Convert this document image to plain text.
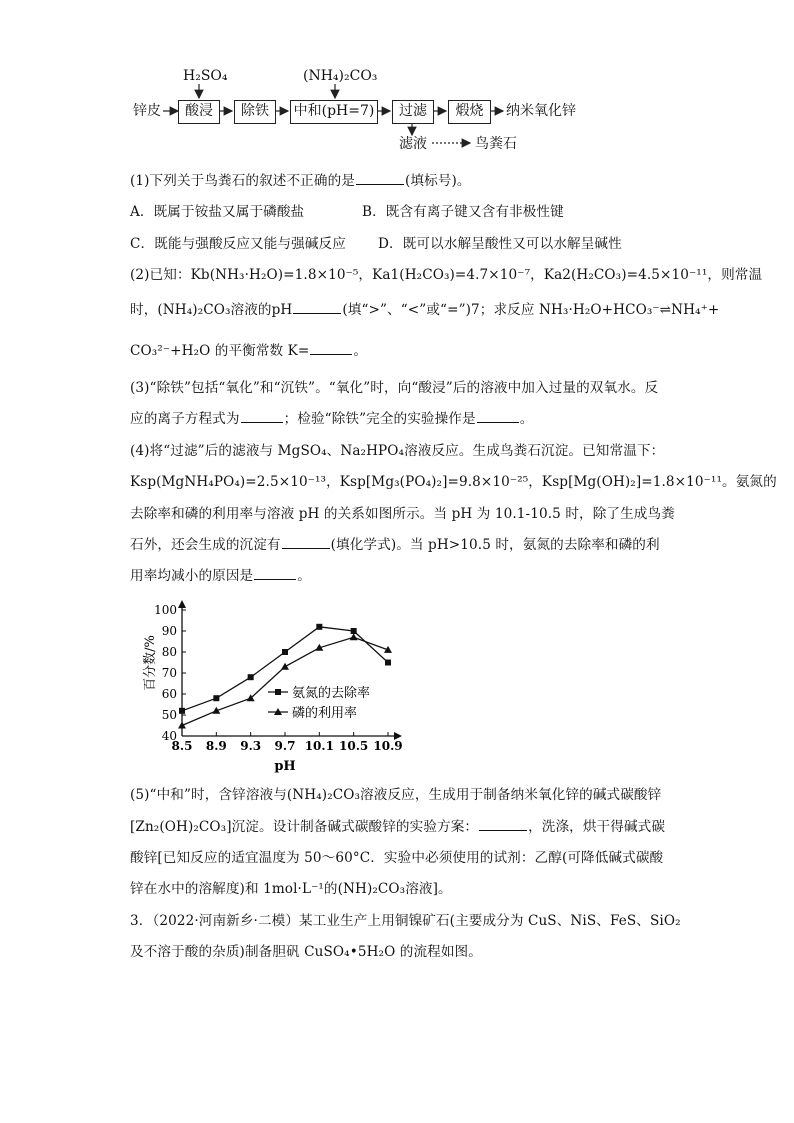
H₂SO₄	(NH₄)₂CO₃
锌皮	酸浸	除铁	中和(pH=7)	过滤	煅烧	纳米氧化锌
滤液	鸟粪石
(1)下列关于鸟粪石的叙述不正确的是	(填标号)。
A．既属于铵盐又属于磷酸盐	B．既含有离子键又含有非极性键
C．既能与强酸反应又能与强碱反应 D．既可以水解呈酸性又可以水解呈碱性
(2)已知：Kb(NH₃·H₂O)=1.8×10⁻⁵，Ka1(H₂CO₃)=4.7×10⁻⁷，Ka2(H₂CO₃)=4.5×10⁻¹¹，则常温
时，(NH₄)₂CO₃溶液的pH	(填“>”、“<”或“=”)7；求反应 NH₃·H₂O+HCO₃⁻⇌NH₄⁺+
CO₃²⁻+H₂O 的平衡常数 K=	。
(3)“除铁”包括“氧化”和“沉铁”。“氧化”时，向“酸浸”后的溶液中加入过量的双氧水。反
应的离子方程式为	；检验“除铁”完全的实验操作是	。
(4)将“过滤”后的滤液与 MgSO₄、Na₂HPO₄溶液反应。生成鸟粪石沉淀。已知常温下：
Ksp(MgNH₄PO₄)=2.5×10⁻¹³，Ksp[Mg₃(PO₄)₂]=9.8×10⁻²⁵，Ksp[Mg(OH)₂]=1.8×10⁻¹¹。氨氮的
去除率和磷的利用率与溶液 pH 的关系如图所示。当 pH 为 10.1-10.5 时，除了生成鸟粪
石外，还会生成的沉淀有	(填化学式)。当 pH>10.5 时，氨氮的去除率和磷的利
用率均减小的原因是	。
40
50
60
70
80
90
100
8.5 8.9 9.3 9.7 10.1 10.5 10.9
pH
百分数/%
氨氮的去除率
磷的利用率
(5)“中和”时，含锌溶液与(NH₄)₂CO₃溶液反应，生成用于制备纳米氧化锌的碱式碳酸锌
[Zn₂(OH)₂CO₃]沉淀。设计制备碱式碳酸锌的实验方案：	，洗涤，烘干得碱式碳
酸锌[已知反应的适宜温度为 50～60°C．实验中必须使用的试剂：乙醇(可降低碱式碳酸
锌在水中的溶解度)和 1mol·L⁻¹的(NH)₂CO₃溶液]。
3．（2022·河南新乡·二模）某工业生产上用铜镍矿石(主要成分为 CuS、NiS、FeS、SiO₂
及不溶于酸的杂质)制备胆矾 CuSO₄•5H₂O 的流程如图。
